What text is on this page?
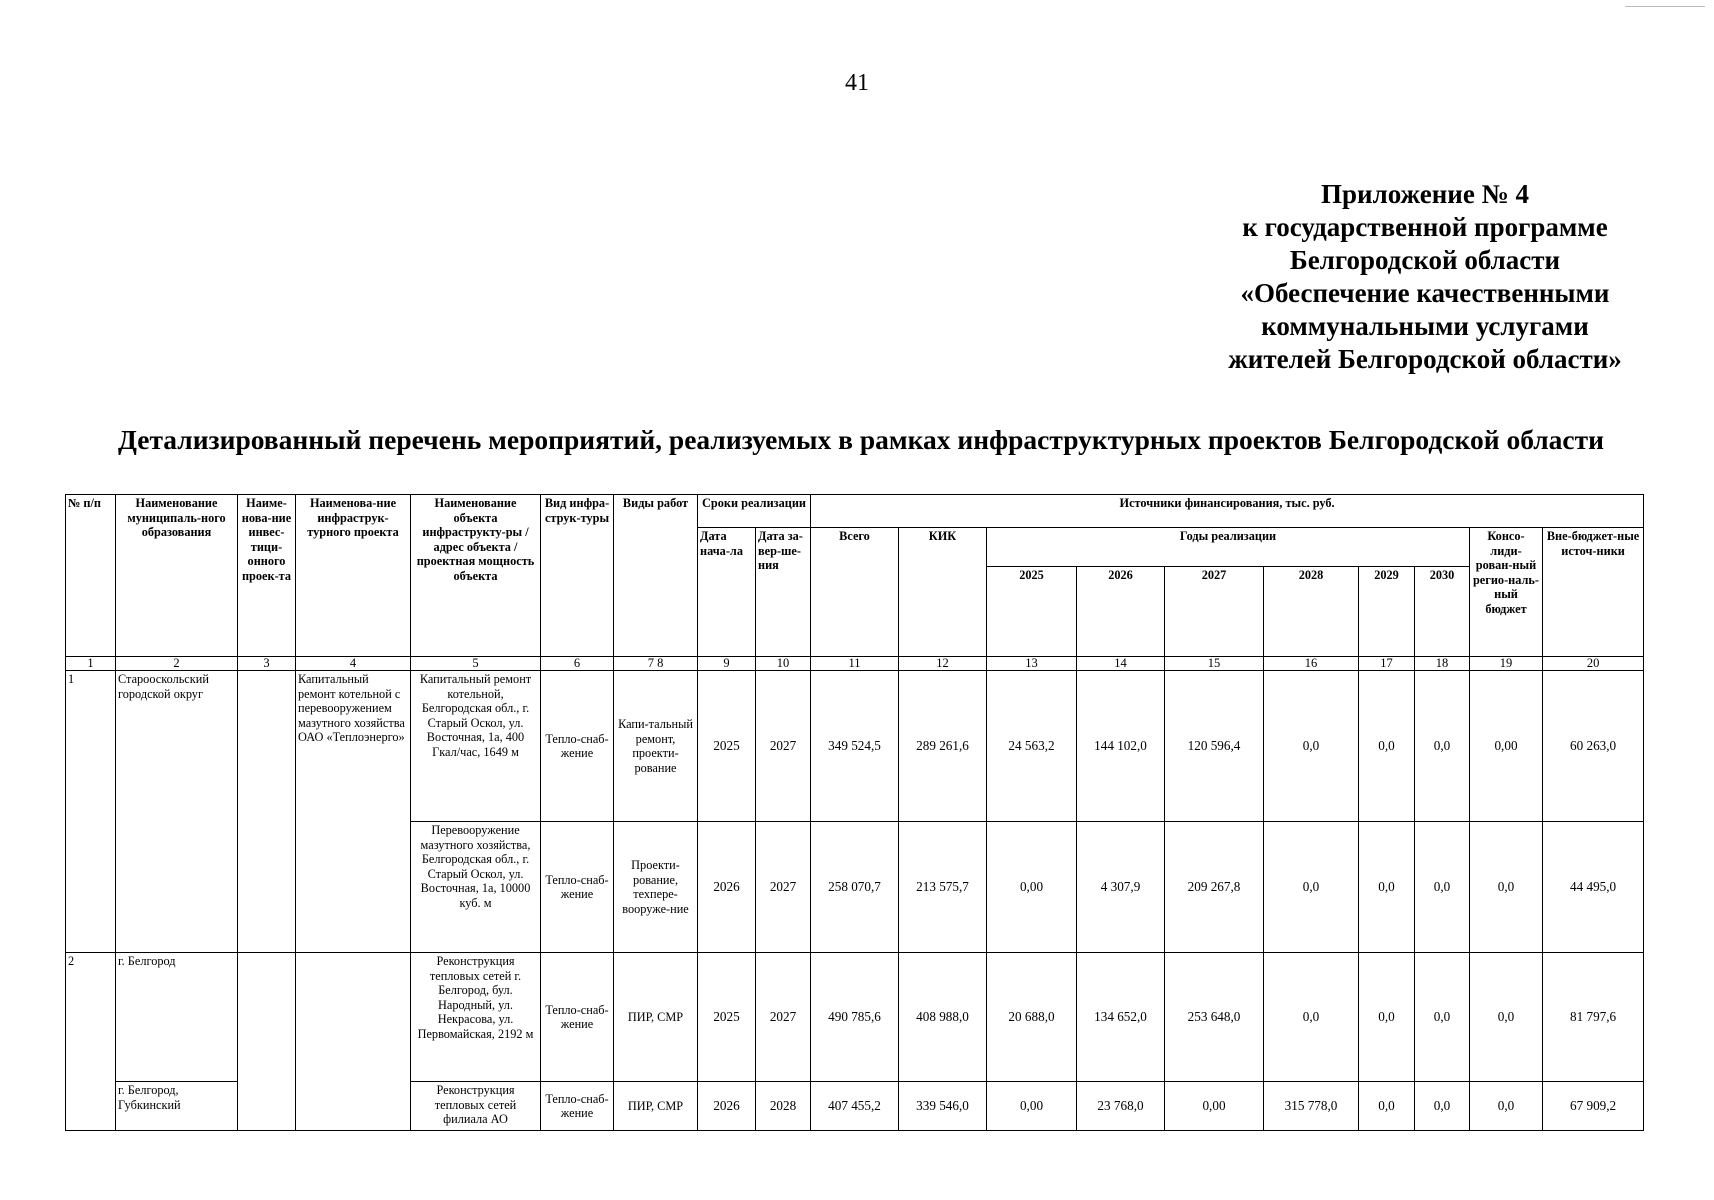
41
Приложение № 4
к государственной программе
Белгородской области
«Обеспечение качественными
коммунальными услугами
жителей Белгородской области»
Детализированный перечень мероприятий, реализуемых в рамках инфраструктурных проектов Белгородской области
№ п/п	Наименование муниципаль-ного образования	Наиме-нова-ние инвес-тици-онного проек-та	Наименова-ние инфраструк-турного проекта	Наименование объекта инфраструкту-ры / адрес объекта / проектная мощность объекта	Вид инфра-струк-туры	Виды работ	Сроки реализации		Источники финансирования, тыс. руб.									
							Дата нача-ла	Дата за-вер-ше-ния	Всего	КИК	Годы реализации						Консо-лиди-рован-ный регио-наль-ный бюджет	Вне-бюджет-ные источ-ники
											2025	2026	2027	2028	2029	2030		
1	2	3	4	5	6	7 8	9	10	11	12	13	14	15	16	17	18	19	20
1	Старооскольский городской округ		Капитальный ремонт котельной с перевооружением мазутного хозяйства ОАО «Теплоэнерго»	Капитальный ремонт котельной, Белгородская обл., г. Старый Оскол, ул. Восточная, 1а, 400 Гкал/час, 1649 м	Тепло-снаб-жение	Капи-тальный ремонт, проекти-рование	2025	2027	349 524,5	289 261,6	24 563,2	144 102,0	120 596,4	0,0	0,0	0,0	0,00	60 263,0
				Перевооружение мазутного хозяйства, Белгородская обл., г. Старый Оскол, ул. Восточная, 1а, 10000 куб. м	Тепло-снаб-жение	Проекти-рование, техпере-вооруже-ние	2026	2027	258 070,7	213 575,7	0,00	4 307,9	209 267,8	0,0	0,0	0,0	0,0	44 495,0
2	г. Белгород			Реконструкция тепловых сетей г. Белгород, бул. Народный, ул. Некрасова, ул. Первомайская, 2192 м	Тепло-снаб-жение	ПИР, СМР	2025	2027	490 785,6	408 988,0	20 688,0	134 652,0	253 648,0	0,0	0,0	0,0	0,0	81 797,6
	г. Белгород, Губкинский			Реконструкция тепловых сетей филиала АО	Тепло-снаб-жение	ПИР, СМР	2026	2028	407 455,2	339 546,0	0,00	23 768,0	0,00	315 778,0	0,0	0,0	0,0	67 909,2
